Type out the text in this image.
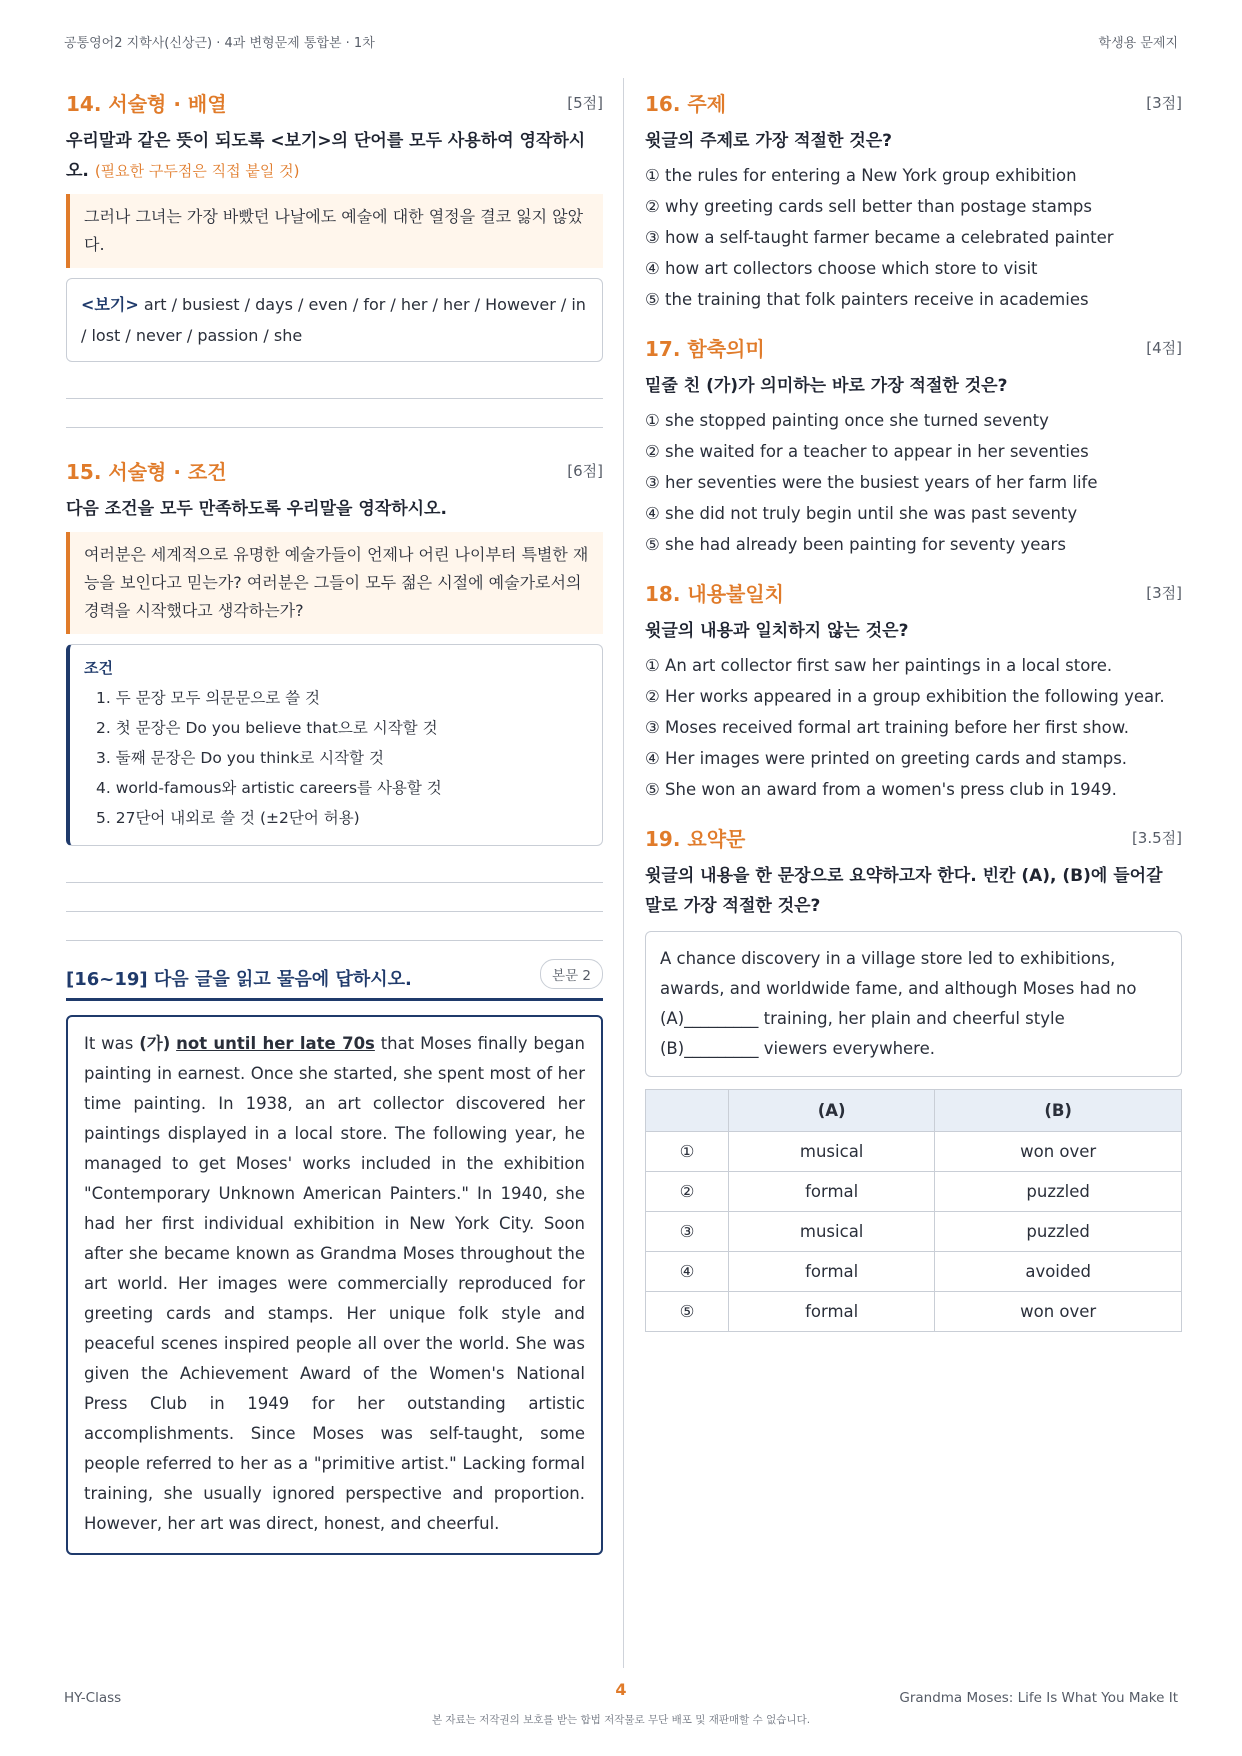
공통영어2 지학사(신상근) · 4과 변형문제 통합본 · 1차	학생용 문제지
14. 서술형 · 배열	[5점]
우리말과 같은 뜻이 되도록 <보기>의 단어를 모두 사용하여 영작하시오. (필요한 구두점은 직접 붙일 것)
그러나 그녀는 가장 바빴던 나날에도 예술에 대한 열정을 결코 잃지 않았다.
<보기> art / busiest / days / even / for / her / her / However / in / lost / never / passion / she
15. 서술형 · 조건	[6점]
다음 조건을 모두 만족하도록 우리말을 영작하시오.
여러분은 세계적으로 유명한 예술가들이 언제나 어린 나이부터 특별한 재능을 보인다고 믿는가? 여러분은 그들이 모두 젊은 시절에 예술가로서의 경력을 시작했다고 생각하는가?
조건
1. 두 문장 모두 의문문으로 쓸 것
2. 첫 문장은 Do you believe that으로 시작할 것
3. 둘째 문장은 Do you think로 시작할 것
4. world-famous와 artistic careers를 사용할 것
5. 27단어 내외로 쓸 것 (±2단어 허용)
[16~19] 다음 글을 읽고 물음에 답하시오.	본문 2
It was (가) not until her late 70s that Moses finally began painting in earnest. Once she started, she spent most of her time painting. In 1938, an art collector discovered her paintings displayed in a local store. The following year, he managed to get Moses' works included in the exhibition "Contemporary Unknown American Painters." In 1940, she had her first individual exhibition in New York City. Soon after she became known as Grandma Moses throughout the art world. Her images were commercially reproduced for greeting cards and stamps. Her unique folk style and peaceful scenes inspired people all over the world. She was given the Achievement Award of the Women's National Press Club in 1949 for her outstanding artistic accomplishments. Since Moses was self-taught, some people referred to her as a "primitive artist." Lacking formal training, she usually ignored perspective and proportion. However, her art was direct, honest, and cheerful.
16. 주제	[3점]
윗글의 주제로 가장 적절한 것은?
① the rules for entering a New York group exhibition
② why greeting cards sell better than postage stamps
③ how a self-taught farmer became a celebrated painter
④ how art collectors choose which store to visit
⑤ the training that folk painters receive in academies
17. 함축의미	[4점]
밑줄 친 (가)가 의미하는 바로 가장 적절한 것은?
① she stopped painting once she turned seventy
② she waited for a teacher to appear in her seventies
③ her seventies were the busiest years of her farm life
④ she did not truly begin until she was past seventy
⑤ she had already been painting for seventy years
18. 내용불일치	[3점]
윗글의 내용과 일치하지 않는 것은?
① An art collector first saw her paintings in a local store.
② Her works appeared in a group exhibition the following year.
③ Moses received formal art training before her first show.
④ Her images were printed on greeting cards and stamps.
⑤ She won an award from a women's press club in 1949.
19. 요약문	[3.5점]
윗글의 내용을 한 문장으로 요약하고자 한다. 빈칸 (A), (B)에 들어갈 말로 가장 적절한 것은?
A chance discovery in a village store led to exhibitions, awards, and worldwide fame, and although Moses had no
(A)_________ training, her plain and cheerful style
(B)_________ viewers everywhere.
	(A)	(B)
①	musical	won over
②	formal	puzzled
③	musical	puzzled
④	formal	avoided
⑤	formal	won over
HY-Class	4	Grandma Moses: Life Is What You Make It
본 자료는 저작권의 보호를 받는 합법 저작물로 무단 배포 및 재판매할 수 없습니다.
